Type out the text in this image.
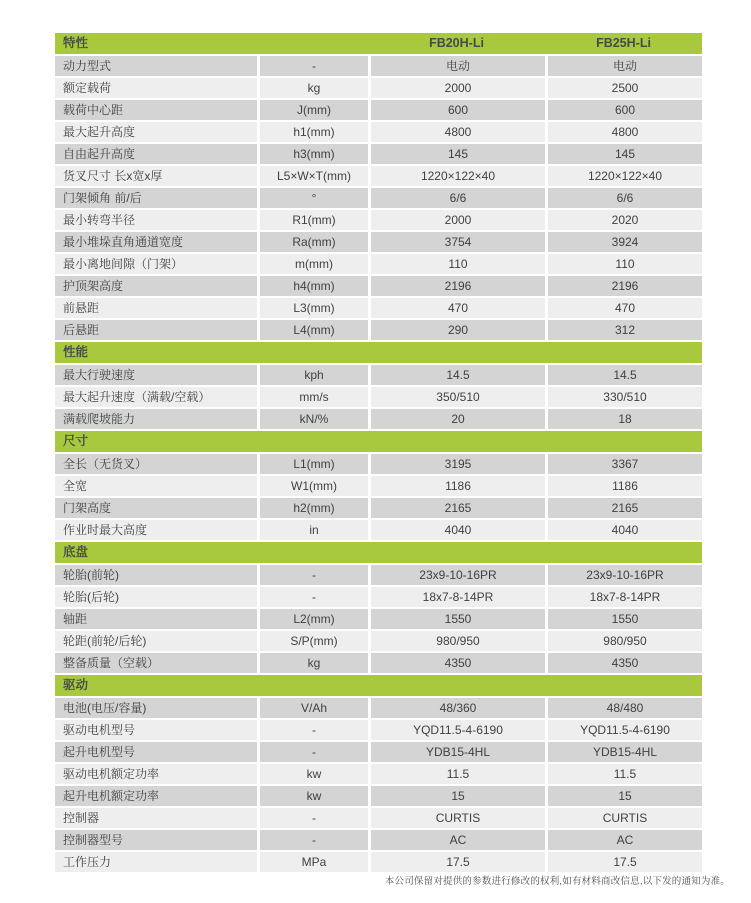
特性		FB20H-Li	FB25H-Li
动力型式	-	电动	电动
额定载荷	kg	2000	2500
载荷中心距	J(mm)	600	600
最大起升高度	h1(mm)	4800	4800
自由起升高度	h3(mm)	145	145
货叉尺寸 长x宽x厚	L5×W×T(mm)	1220×122×40	1220×122×40
门架倾角 前/后	°	6/6	6/6
最小转弯半径	R1(mm)	2000	2020
最小堆垛直角通道宽度	Ra(mm)	3754	3924
最小离地间隙（门架）	m(mm)	110	110
护顶架高度	h4(mm)	2196	2196
前悬距	L3(mm)	470	470
后悬距	L4(mm)	290	312
性能			
最大行驶速度	kph	14.5	14.5
最大起升速度（满载/空载）	mm/s	350/510	330/510
满载爬坡能力	kN/%	20	18
尺寸			
全长（无货叉）	L1(mm)	3195	3367
全宽	W1(mm)	1186	1186
门架高度	h2(mm)	2165	2165
作业时最大高度	in	4040	4040
底盘			
轮胎(前轮)	-	23x9-10-16PR	23x9-10-16PR
轮胎(后轮)	-	18x7-8-14PR	18x7-8-14PR
轴距	L2(mm)	1550	1550
轮距(前轮/后轮)	S/P(mm)	980/950	980/950
整备质量（空载）	kg	4350	4350
驱动			
电池(电压/容量)	V/Ah	48/360	48/480
驱动电机型号	-	YQD11.5-4-6190	YQD11.5-4-6190
起升电机型号	-	YDB15-4HL	YDB15-4HL
驱动电机额定功率	kw	11.5	11.5
起升电机额定功率	kw	15	15
控制器	-	CURTIS	CURTIS
控制器型号	-	AC	AC
工作压力	MPa	17.5	17.5
本公司保留对提供的参数进行修改的权利,如有材料商改信息,以下发的通知为准。
